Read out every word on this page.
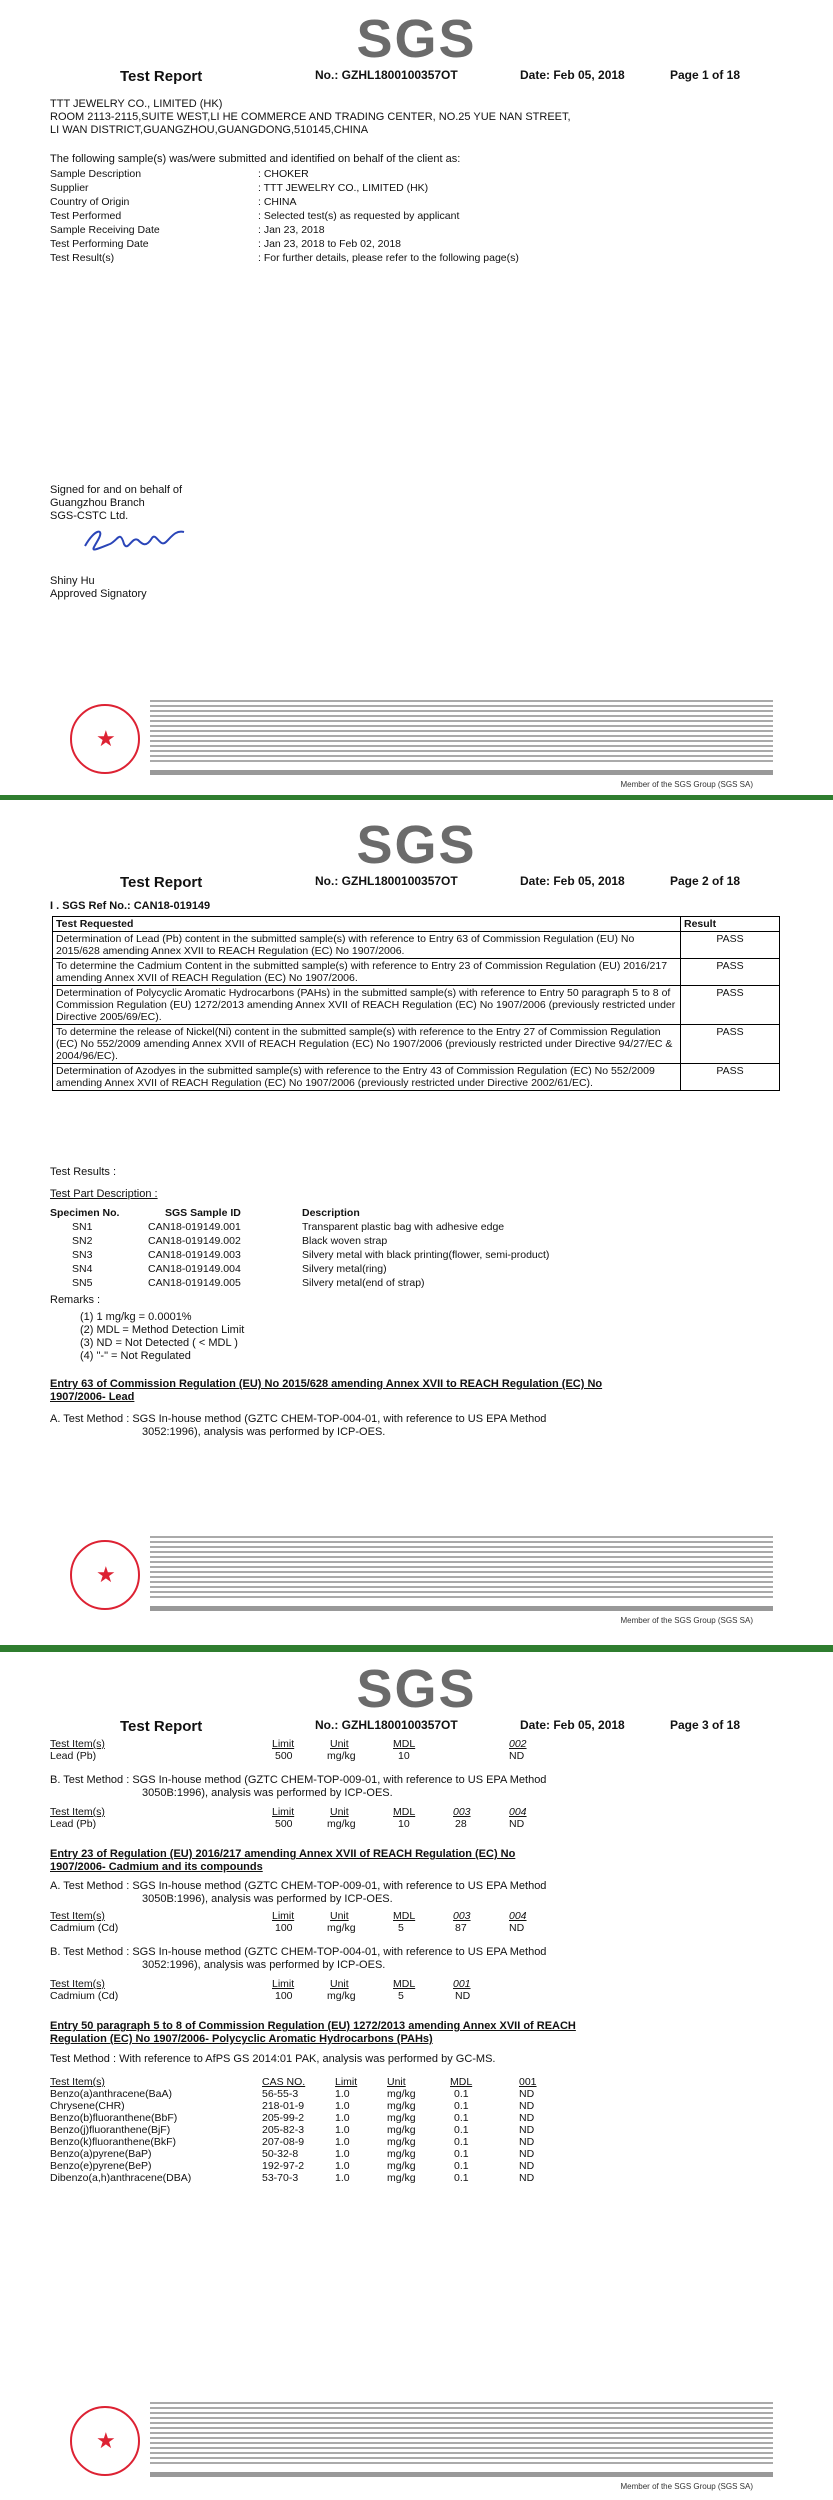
SGS
Test Report	No.: GZHL1800100357OT	Date: Feb 05, 2018	Page 1 of 18
TTT JEWELRY CO., LIMITED (HK)
ROOM 2113-2115,SUITE WEST,LI HE COMMERCE AND TRADING CENTER, NO.25 YUE NAN STREET,
LI WAN DISTRICT,GUANGZHOU,GUANGDONG,510145,CHINA
The following sample(s) was/were submitted and identified on behalf of the client as:
Sample Description	: CHOKER
Supplier	: TTT JEWELRY CO., LIMITED (HK)
Country of Origin	: CHINA
Test Performed	: Selected test(s) as requested by applicant
Sample Receiving Date	: Jan 23, 2018
Test Performing Date	: Jan 23, 2018 to Feb 02, 2018
Test Result(s)	: For further details, please refer to the following page(s)
Signed for and on behalf of
Guangzhou Branch
SGS-CSTC Ltd.
Shiny Hu
Approved Signatory
★
Member of the SGS Group (SGS SA)
SGS
Test Report	No.: GZHL1800100357OT	Date: Feb 05, 2018	Page 2 of 18
I . SGS Ref No.: CAN18-019149
Test Requested	Result
Determination of Lead (Pb) content in the submitted sample(s) with reference to Entry 63 of Commission Regulation (EU) No 2015/628 amending Annex XVII to REACH Regulation (EC) No 1907/2006.	PASS
To determine the Cadmium Content in the submitted sample(s) with reference to Entry 23 of Commission Regulation (EU) 2016/217 amending Annex XVII of REACH Regulation (EC) No 1907/2006.	PASS
Determination of Polycyclic Aromatic Hydrocarbons (PAHs) in the submitted sample(s) with reference to Entry 50 paragraph 5 to 8 of Commission Regulation (EU) 1272/2013 amending Annex XVII of REACH Regulation (EC) No 1907/2006 (previously restricted under Directive 2005/69/EC).	PASS
To determine the release of Nickel(Ni) content in the submitted sample(s) with reference to the Entry 27 of Commission Regulation (EC) No 552/2009 amending Annex XVII of REACH Regulation (EC) No 1907/2006 (previously restricted under Directive 94/27/EC & 2004/96/EC).	PASS
Determination of Azodyes in the submitted sample(s) with reference to the Entry 43 of Commission Regulation (EC) No 552/2009 amending Annex XVII of REACH Regulation (EC) No 1907/2006 (previously restricted under Directive 2002/61/EC).	PASS
Test Results :
Test Part Description :
Specimen No.	SGS Sample ID	Description
SN1	CAN18-019149.001	Transparent plastic bag with adhesive edge
SN2	CAN18-019149.002	Black woven strap
SN3	CAN18-019149.003	Silvery metal with black printing(flower, semi-product)
SN4	CAN18-019149.004	Silvery metal(ring)
SN5	CAN18-019149.005	Silvery metal(end of strap)
Remarks :
(1) 1 mg/kg = 0.0001%
(2) MDL = Method Detection Limit
(3) ND = Not Detected ( < MDL )
(4) "-" = Not Regulated
Entry 63 of Commission Regulation (EU) No 2015/628 amending Annex XVII to REACH Regulation (EC) No
1907/2006- Lead
A. Test Method : SGS In-house method (GZTC CHEM-TOP-004-01, with reference to US EPA Method
3052:1996), analysis was performed by ICP-OES.
★
Member of the SGS Group (SGS SA)
SGS
Test Report	No.: GZHL1800100357OT	Date: Feb 05, 2018	Page 3 of 18
Test Item(s)	Limit	Unit	MDL	002
Lead (Pb)	500	mg/kg	10	ND
B. Test Method : SGS In-house method (GZTC CHEM-TOP-009-01, with reference to US EPA Method
3050B:1996), analysis was performed by ICP-OES.
Test Item(s)	Limit	Unit	MDL	003	004
Lead (Pb)	500	mg/kg	10	28	ND
Entry 23 of Regulation (EU) 2016/217 amending Annex XVII of REACH Regulation (EC) No
1907/2006- Cadmium and its compounds
A. Test Method : SGS In-house method (GZTC CHEM-TOP-009-01, with reference to US EPA Method
3050B:1996), analysis was performed by ICP-OES.
Test Item(s)	Limit	Unit	MDL	003	004
Cadmium (Cd)	100	mg/kg	5	87	ND
B. Test Method : SGS In-house method (GZTC CHEM-TOP-004-01, with reference to US EPA Method
3052:1996), analysis was performed by ICP-OES.
Test Item(s)	Limit	Unit	MDL	001
Cadmium (Cd)	100	mg/kg	5	ND
Entry 50 paragraph 5 to 8 of Commission Regulation (EU) 1272/2013 amending Annex XVII of REACH
Regulation (EC) No 1907/2006- Polycyclic Aromatic Hydrocarbons (PAHs)
Test Method : With reference to AfPS GS 2014:01 PAK, analysis was performed by GC-MS.
Test Item(s)	CAS NO.	Limit	Unit	MDL	001
Benzo(a)anthracene(BaA)	56-55-3	1.0	mg/kg	0.1	ND
Chrysene(CHR)	218-01-9	1.0	mg/kg	0.1	ND
Benzo(b)fluoranthene(BbF)	205-99-2	1.0	mg/kg	0.1	ND
Benzo(j)fluoranthene(BjF)	205-82-3	1.0	mg/kg	0.1	ND
Benzo(k)fluoranthene(BkF)	207-08-9	1.0	mg/kg	0.1	ND
Benzo(a)pyrene(BaP)	50-32-8	1.0	mg/kg	0.1	ND
Benzo(e)pyrene(BeP)	192-97-2	1.0	mg/kg	0.1	ND
Dibenzo(a,h)anthracene(DBA)	53-70-3	1.0	mg/kg	0.1	ND
★
Member of the SGS Group (SGS SA)
